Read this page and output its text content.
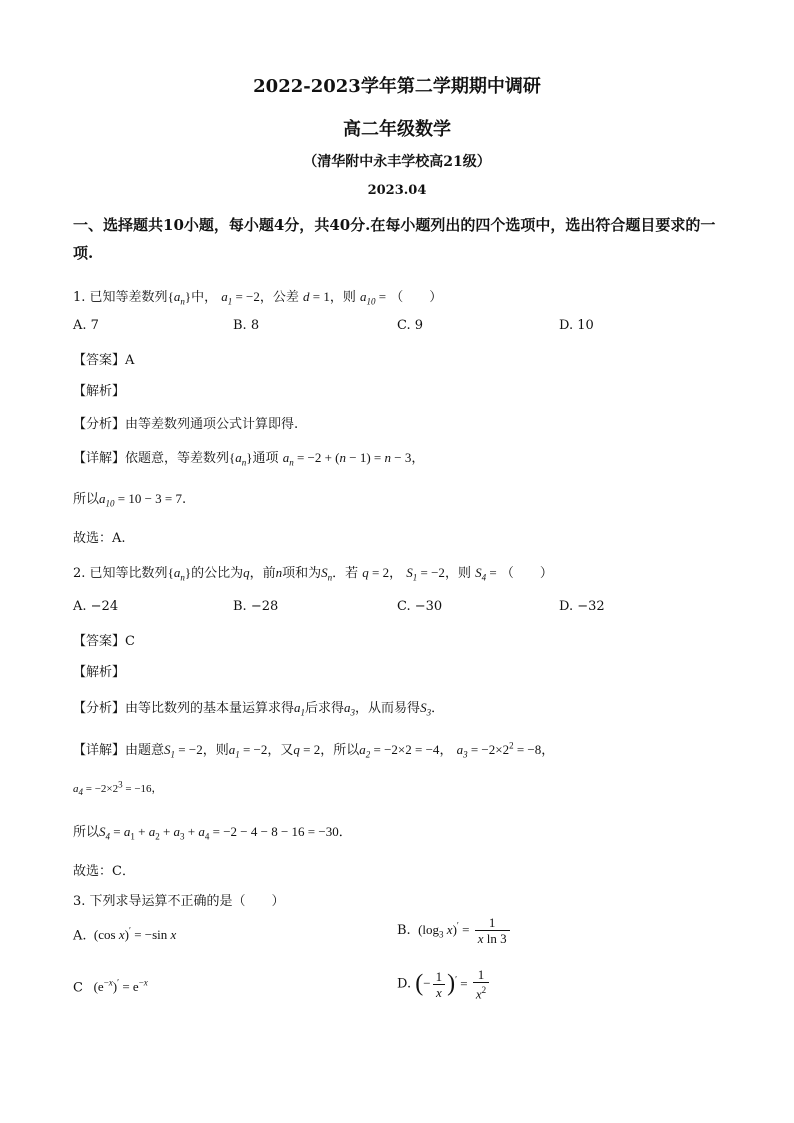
2022-2023学年第二学期期中调研
高二年级数学
（清华附中永丰学校高21级）
2023.04
一、选择题共10小题，每小题4分，共40分.在每小题列出的四个选项中，选出符合题目要求的一项.
1. 已知等差数列$\{a_n\}$中， $a_1 = -2$，公差 d = 1，则 $a_{10}$ = （　　）
A. 7	B. 8	C. 9	D. 10
【答案】A
【解析】
【分析】由等差数列通项公式计算即得.
【详解】依题意，等差数列$\{a_n\}$通项 $a_n = -2 + (n - 1) = n - 3$，
所以$a_{10} = 10 - 3 = 7$.
故选：A.
2. 已知等比数列$\{a_n\}$的公比为q，前n项和为$S_n$．若 q = 2， $S_1 = -2$，则 $S_4$ = （　　）
A. −24	B. −28	C. −30	D. −32
【答案】C
【解析】
【分析】由等比数列的基本量运算求得$a_1$后求得$a_3$，从而易得$S_3$．
【详解】由题意$S_1 = -2$，则$a_1 = -2$，又q = 2，所以$a_2 = -2\times 2 = -4$， $a_3 = -2\times 2^2 = -8$，
$a_4 = -2\times 2^3 = -16$，
所以$S_4 = a_1 + a_2 + a_3 + a_4 = -2 - 4 - 8 - 16 = -30$．
故选：C．
3. 下列求导运算不正确的是（　　）
A.  (cos x)′ = −sin x	B.  ($\log_3$ $x)' = \frac{1}{\text{x ln 3}}$
C   $(e^{-x})' = e^{-x}$	D. (− $\frac{1}{x} )' = \frac{1}{x^2}$
